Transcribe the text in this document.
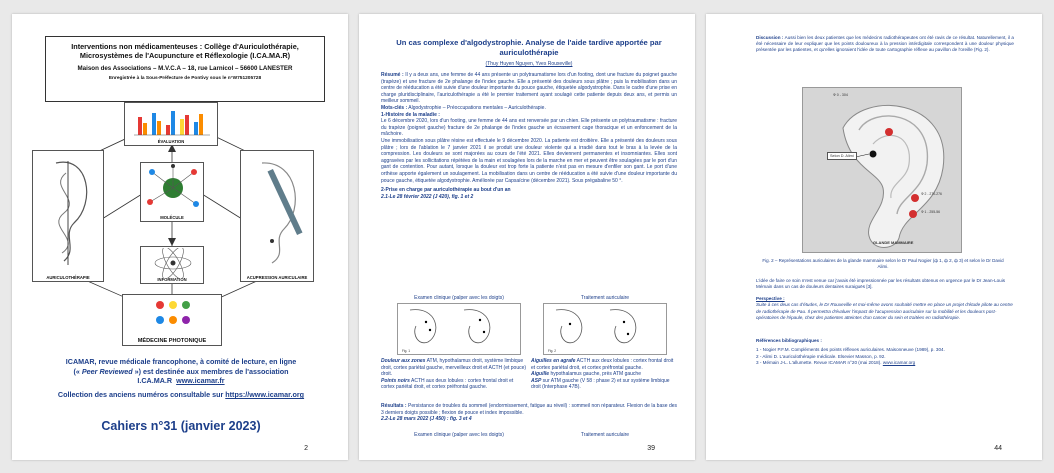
Interventions non médicamenteuses : Collège d'Auriculothérapie, Microsystèmes de l'Acupuncture et Réflexologie (I.CA.MA.R)
Maison des Associations – M.V.C.A – 18, rue Larnicol – 56600 LANESTER
Enregistrée à la Sous-Préfecture de Pontivy sous le n°W751205728
ÉVALUATION
MOLÉCULE
AURICULOTHÉRAPIE	ACUPRESSION AURICULAIRE
INFORMATION
MÉDECINE PHOTONIQUE
ICAMAR, revue médicale francophone, à comité de lecture, en ligne
(« Peer Reviewed ») est destinée aux membres de l'association
I.CA.MA.R www.icamar.fr
Collection des anciens numéros consultable sur https://www.icamar.org
Cahiers n°31 (janvier 2023)
2
Un cas complexe d'algodystrophie. Analyse de l'aide tardive apportée par auriculothérapie
(Thuy Huyen Nguyen, Yves Rouxeville)

Résumé : Il y a deux ans, une femme de 44 ans présente un polytraumatisme lors d'un footing, dont une fracture du poignet gauche (trapèze) et une fracture de 2e phalange de l'index gauche. Elle a présenté des douleurs sous plâtre ; puis la mobilisation dans un centre de rééducation a été suivie d'une douleur importante du pouce gauche, étiquetée algodystrophie. Dans le cadre d'une prise en charge pluridisciplinaire, l'auriculothérapie a été le premier traitement ayant soulagé cette patiente depuis deux ans, et permis un meilleur sommeil.

Mots-clés : Algodystrophie – Préoccupations mentales – Auriculothérapie.

1-Histoire de la maladie :

Le 6 décembre 2020, lors d'un footing, une femme de 44 ans est renversée par un chien. Elle présente un polytraumatisme : fracture du trapèze (poignet gauche) fracture de 2e phalange de l'index gauche un écrasement cage thoracique et un enfoncement de la mâchoire.

Une immobilisation sous plâtre résine est effectuée le 9 décembre 2020. La patiente est droitière. Elle a présenté des douleurs sous plâtre ; lors de l'ablation le 7 janvier 2021 il se produit une douleur violente qui a irradié dans tout le bras à la levée de la compression. Les douleurs se sont majorées au cours de l'été 2021. Elles deviennent permanentes et insomniantes. Elles sont aggravées par les sollicitations répétées de la main et soulagées lors de la marche en mer et peuvent être soulagées par le port d'un gant de contention. Pour autant, lorsque la douleur est trop forte la patiente n'est pas en mesure d'enfiler son gant. Le port d'une orthèse apporte également un soulagement. La mobilisation dans un centre de rééducation a été suivie d'une douleur importante du pouce gauche, étiquetée algodystrophie. Améliorée par Capsaïcine (décembre 2021). Sous prégabaline 50 °.

2-Prise en charge par auriculothérapie au bout d'un an

2.1-Le 28 février 2022 (J 420), fig. 1 et 2

Examen clinique (palper avec les doigts)	Traitement auriculaire
Fig. 1	Fig. 2

Douleur aux zones ATM, hypothalamus droit, système limbique droit, cortex pariétal gauche, merveilleux droit et ACTH (et pouce) droit.

Points noirs ACTH aux deux lobules : cortex frontal droit et cortex pariétal droit, et cortex préfrontal gauche.

Aiguilles en agrafe ACTH aux deux lobules : cortex frontal droit et cortex pariétal droit, et cortex préfrontal gauche.

Aiguille hypothalamus gauche, près ATM gauche

ASP sur ATM gauche (V 58 : phase 2) et sur système limbique droit (Interphase 47B).

Résultats : Persistance de troubles du sommeil (endormissement, fatigue au réveil) : sommeil non réparateur. Flexion de la base des 3 derniers doigts possible ; flexion de pouce et index impossible.

2.2-Le 28 mars 2022 (J 450) : fig. 3 et 4

Examen clinique (palper avec les doigts)	Traitement auriculaire
39
Discussion : Aussi bien les deux patientes que les médecins radiothérapeutes ont été ravis de ce résultat. Naturellement, il a été nécessaire de leur expliquer que les points douloureux à la pression intérdigitale correspondent à une douleur physique présentée par les patientes, et qu'elles ignoraient l'idée de toute cartographie réflexe au pavillon de l'oreille (Fig. 2).
Ф 0 - 304
Selon D. Alimi
Ф 2 - 270-276
Ф 1 - 255-56
GLANDE MAMMAIRE
Fig. 2 – Représentations auriculaires de la glande mammaire selon le Dr Paul Nogier (ф 1, ф 2, ф 3) et selon le Dr David Alimi.
L'idée de faire ce soin m'est venue car j'avais été impressionnée par les résultats obtenus en urgence par le Dr Jean-Louis Mémain dans un cas de douleurs dentaires suraiguës [3].

Perspective :

Suite à ces deux cas d'études, le Dr Rouxeville et moi-même avons souhaité mettre en place un projet d'étude pilote au centre de radiothérapie de Pau. Il permettra d'évaluer l'impact de l'acupression auriculaire sur la mobilité et les douleurs post-opératoires de l'épaule, chez des patientes atteintes d'un cancer du sein et traitées en radiothérapie.

Références bibliographiques :

1 - Nogier P.F.M. Compléments des points réflexes auriculaires. Maisonneuve (1989), p. 304.

2 - Alimi D. L'auriculothérapie médicale. Elsevier Masson, p. 92.

3 - Mémain J-L. L'allumette. Revue ICAMAR n°20 (mai 2018). www.icamar.org

44
